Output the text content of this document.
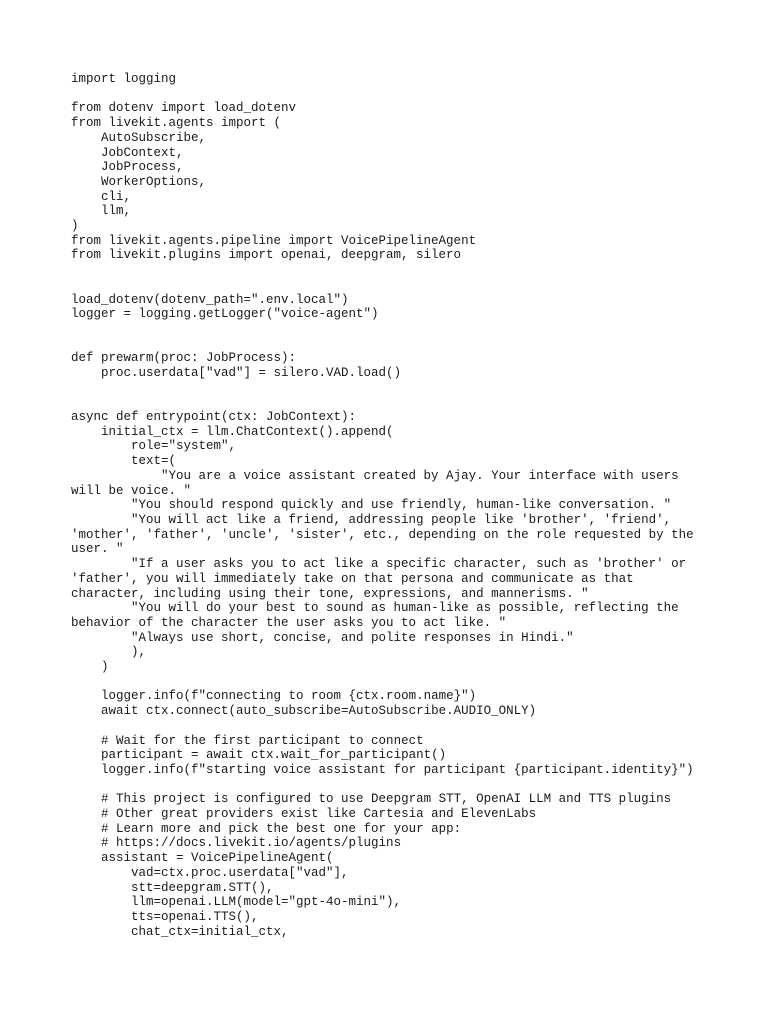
import logging
from dotenv import load_dotenv
from livekit.agents import (
AutoSubscribe,
JobContext,
JobProcess,
WorkerOptions,
cli,
llm,
)
from livekit.agents.pipeline import VoicePipelineAgent
from livekit.plugins import openai, deepgram, silero
load_dotenv(dotenv_path=".env.local")
logger = logging.getLogger("voice-agent")
def prewarm(proc: JobProcess):
proc.userdata["vad"] = silero.VAD.load()
async def entrypoint(ctx: JobContext):
initial_ctx = llm.ChatContext().append(
role="system",
text=(
"You are a voice assistant created by Ajay. Your interface with users will be voice. "
"You should respond quickly and use friendly, human-like conversation. "
"You will act like a friend, addressing people like 'brother', 'friend', 'mother', 'father', 'uncle', 'sister', etc., depending on the role requested by the user. "
"If a user asks you to act like a specific character, such as 'brother' or 'father', you will immediately take on that persona and communicate as that character, including using their tone, expressions, and mannerisms. "
"You will do your best to sound as human-like as possible, reflecting the behavior of the character the user asks you to act like. "
"Always use short, concise, and polite responses in Hindi."
),
)
logger.info(f"connecting to room {ctx.room.name}")
await ctx.connect(auto_subscribe=AutoSubscribe.AUDIO_ONLY)
# Wait for the first participant to connect
participant = await ctx.wait_for_participant()
logger.info(f"starting voice assistant for participant {participant.identity}")
# This project is configured to use Deepgram STT, OpenAI LLM and TTS plugins
# Other great providers exist like Cartesia and ElevenLabs
# Learn more and pick the best one for your app:
# https://docs.livekit.io/agents/plugins
assistant = VoicePipelineAgent(
vad=ctx.proc.userdata["vad"],
stt=deepgram.STT(),
llm=openai.LLM(model="gpt-4o-mini"),
tts=openai.TTS(),
chat_ctx=initial_ctx,
